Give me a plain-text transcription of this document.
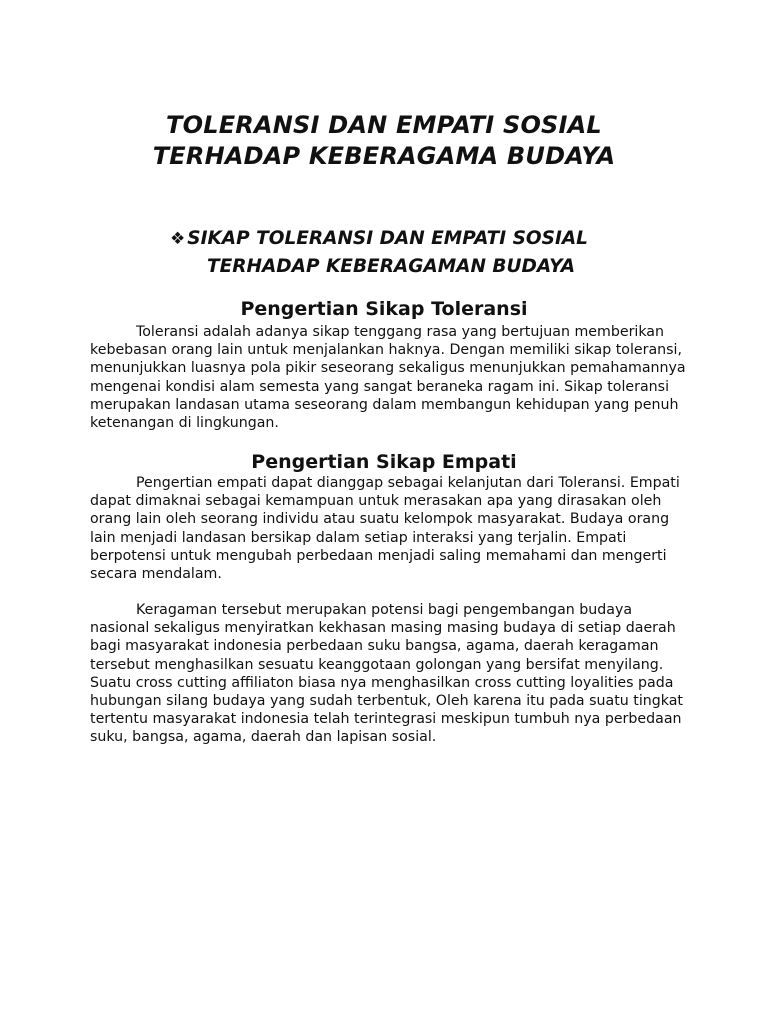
TOLERANSI DAN EMPATI SOSIAL
TERHADAP KEBERAGAMA BUDAYA
❖ SIKAP TOLERANSI DAN EMPATI SOSIAL
TERHADAP KEBERAGAMAN BUDAYA
Pengertian Sikap Toleransi

Toleransi adalah adanya sikap tenggang rasa yang bertujuan memberikan kebebasan orang lain untuk menjalankan haknya. Dengan memiliki sikap toleransi, menunjukkan luasnya pola pikir seseorang sekaligus menunjukkan pemahamannya mengenai kondisi alam semesta yang sangat beraneka ragam ini. Sikap toleransi merupakan landasan utama seseorang dalam membangun kehidupan yang penuh ketenangan di lingkungan.

Pengertian Sikap Empati

Pengertian empati dapat dianggap sebagai kelanjutan dari Toleransi. Empati dapat dimaknai sebagai kemampuan untuk merasakan apa yang dirasakan oleh orang lain oleh seorang individu atau suatu kelompok masyarakat. Budaya orang lain menjadi landasan bersikap dalam setiap interaksi yang terjalin. Empati berpotensi untuk mengubah perbedaan menjadi saling memahami dan mengerti secara mendalam.

Keragaman tersebut merupakan potensi bagi pengembangan budaya nasional sekaligus menyiratkan kekhasan masing masing budaya di setiap daerah bagi masyarakat indonesia perbedaan suku bangsa, agama, daerah keragaman tersebut menghasilkan sesuatu keanggotaan golongan yang bersifat menyilang. Suatu cross cutting affiliaton biasa nya menghasilkan cross cutting loyalities pada hubungan silang budaya yang sudah terbentuk, Oleh karena itu pada suatu tingkat tertentu masyarakat indonesia telah terintegrasi meskipun tumbuh nya perbedaan suku, bangsa, agama, daerah dan lapisan sosial.
